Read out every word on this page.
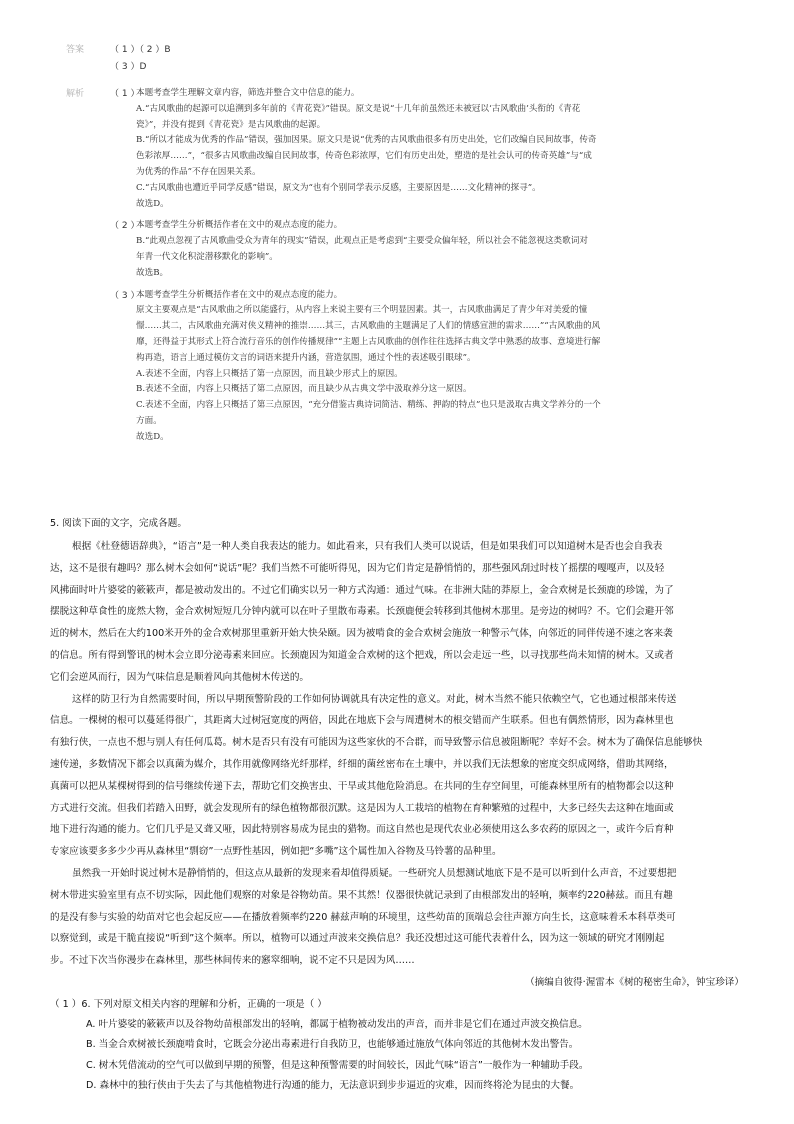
答案	（ 1 ）（ 2 ）B
（ 3 ）D
解析	（ 1 ）
本题考查学生理解文章内容，筛选并整合文中信息的能力。
A.“古风歌曲的起源可以追溯到多年前的《青花瓷》”错误。原文是说“十几年前虽然还未被冠以‘古风歌曲’头衔的《青花
瓷》”，并没有提到《青花瓷》是古风歌曲的起源。
B.“所以才能成为优秀的作品”错误，强加因果。原文只是说“优秀的古风歌曲很多有历史出处，它们改编自民间故事，传奇
色彩浓厚……”，“很多古风歌曲改编自民间故事，传奇色彩浓厚，它们有历史出处，塑造的是社会认可的传奇英雄”与“成
为优秀的作品”不存在因果关系。
C.“古风歌曲也遭近乎同学反感”错误，原文为“也有个别同学表示反感，主要原因是……文化精神的探寻”。
故选D。
（ 2 ）
本题考查学生分析概括作者在文中的观点态度的能力。
B.“此观点忽视了古风歌曲受众为青年的现实”错误，此观点正是考虑到“主要受众偏年轻，所以社会不能忽视这类歌词对
年青一代文化积淀潜移默化的影响”。
故选B。
（ 3 ）
本题考查学生分析概括作者在文中的观点态度的能力。
原文主要观点是“古风歌曲之所以能盛行，从内容上来说主要有三个明显因素。其一，古风歌曲满足了青少年对美爱的憧
憬……其二，古风歌曲充满对侠义精神的推崇……其三，古风歌曲的主题满足了人们的情感宣泄的需求……”“古风歌曲的风
靡，还得益于其形式上符合流行音乐的创作传播规律”“主题上古风歌曲的创作往往选择古典文学中熟悉的故事、意境进行解
构再造，语言上通过模仿文言的词语来提升内涵，营造氛围，通过个性的表述吸引眼球”。
A.表述不全面，内容上只概括了第一点原因，而且缺少形式上的原因。
B.表述不全面，内容上只概括了第二点原因，而且缺少从古典文学中汲取养分这一原因。
C.表述不全面，内容上只概括了第三点原因，“充分借鉴古典诗词简洁、精练、押韵的特点”也只是汲取古典文学养分的一个
方面。
故选D。
5. 阅读下面的文字，完成各题。
根据《杜登德语辞典》，“语言”是一种人类自我表达的能力。如此看来，只有我们人类可以说话，但是如果我们可以知道树木是否也会自我表
达，这不是很有趣吗？那么树木会如何“说话”呢？我们当然不可能听得见，因为它们肯定是静悄悄的，那些强风刮过时枝丫摇摆的嘎嘎声，以及轻
风拂面时叶片婆娑的簌簌声，都是被动发出的。不过它们确实以另一种方式沟通：通过气味。在非洲大陆的莽原上，金合欢树是长颈鹿的珍馐，为了
摆脱这种草食性的庞然大物，金合欢树短短几分钟内就可以在叶子里散布毒素。长颈鹿便会转移到其他树木那里。是旁边的树吗？不。它们会避开邻
近的树木，然后在大约100米开外的金合欢树那里重新开始大快朵颐。因为被啃食的金合欢树会施放一种警示气体，向邻近的同伴传递不速之客来袭
的信息。所有得到警讯的树木会立即分泌毒素来回应。长颈鹿因为知道金合欢树的这个把戏，所以会走远一些，以寻找那些尚未知情的树木。又或者
它们会逆风而行，因为气味信息是顺着风向其他树木传送的。
这样的防卫行为自然需要时间，所以早期预警阶段的工作如何协调就具有决定性的意义。对此，树木当然不能只依赖空气，它也通过根部来传送
信息。一棵树的根可以蔓延得很广，其距离大过树冠宽度的两倍，因此在地底下会与周遭树木的根交错而产生联系。但也有偶然情形，因为森林里也
有独行侠，一点也不想与别人有任何瓜葛。树木是否只有没有可能因为这些家伙的不合群，而导致警示信息被阻断呢？幸好不会。树木为了确保信息能够快
速传递，多数情况下都会以真菌为媒介，其作用就像网络光纤那样，纤细的菌丝密布在土壤中，并以我们无法想象的密度交织成网络，借助其网络，
真菌可以把从某棵树得到的信号继续传递下去，帮助它们交换害虫、干旱或其他危险消息。在共同的生存空间里，可能森林里所有的植物都会以这种
方式进行交流。但我们若踏入田野，就会发现所有的绿色植物都很沉默。这是因为人工栽培的植物在育种繁殖的过程中，大多已经失去这种在地面或
地下进行沟通的能力。它们几乎是又聋又哑，因此特别容易成为昆虫的猎物。而这自然也是现代农业必须使用这么多农药的原因之一，或许今后育种
专家应该要多多少少再从森林里“剽窃”一点野性基因，例如把“多嘴”这个属性加入谷物及马铃薯的品种里。
虽然我一开始时说过树木是静悄悄的，但这点从最新的发现来看却值得质疑。一些研究人员想测试地底下是不是可以听到什么声音，不过要想把
树木带进实验室里有点不切实际，因此他们观察的对象是谷物幼苗。果不其然！仪器很快就记录到了由根部发出的轻响，频率约220赫兹。而且有趣
的是没有参与实验的幼苗对它也会起反应——在播放着频率约220 赫兹声响的环境里，这些幼苗的顶端总会往声源方向生长，这意味着禾本科草类可
以察觉到，或是干脆直接说“听到”这个频率。所以，植物可以通过声波来交换信息？我还没想过这可能代表着什么，因为这一领域的研究才刚刚起
步。不过下次当你漫步在森林里，那些林间传来的窸窣细响，说不定不只是因为风……
（摘编自彼得·渥雷本《树的秘密生命》，钟宝珍译）
（ 1 ）6. 下列对原文相关内容的理解和分析，正确的一项是（ ）
A. 叶片婆娑的簌簌声以及谷物幼苗根部发出的轻响，都属于植物被动发出的声音，而并非是它们在通过声波交换信息。
B. 当金合欢树被长颈鹿啃食时，它既会分泌出毒素进行自我防卫，也能够通过施放气体向邻近的其他树木发出警告。
C. 树木凭借流动的空气可以做到早期的预警，但是这种预警需要的时间较长，因此气味“语言”一般作为一种辅助手段。
D. 森林中的独行侠由于失去了与其他植物进行沟通的能力，无法意识到步步逼近的灾难，因而终将沦为昆虫的大餐。
